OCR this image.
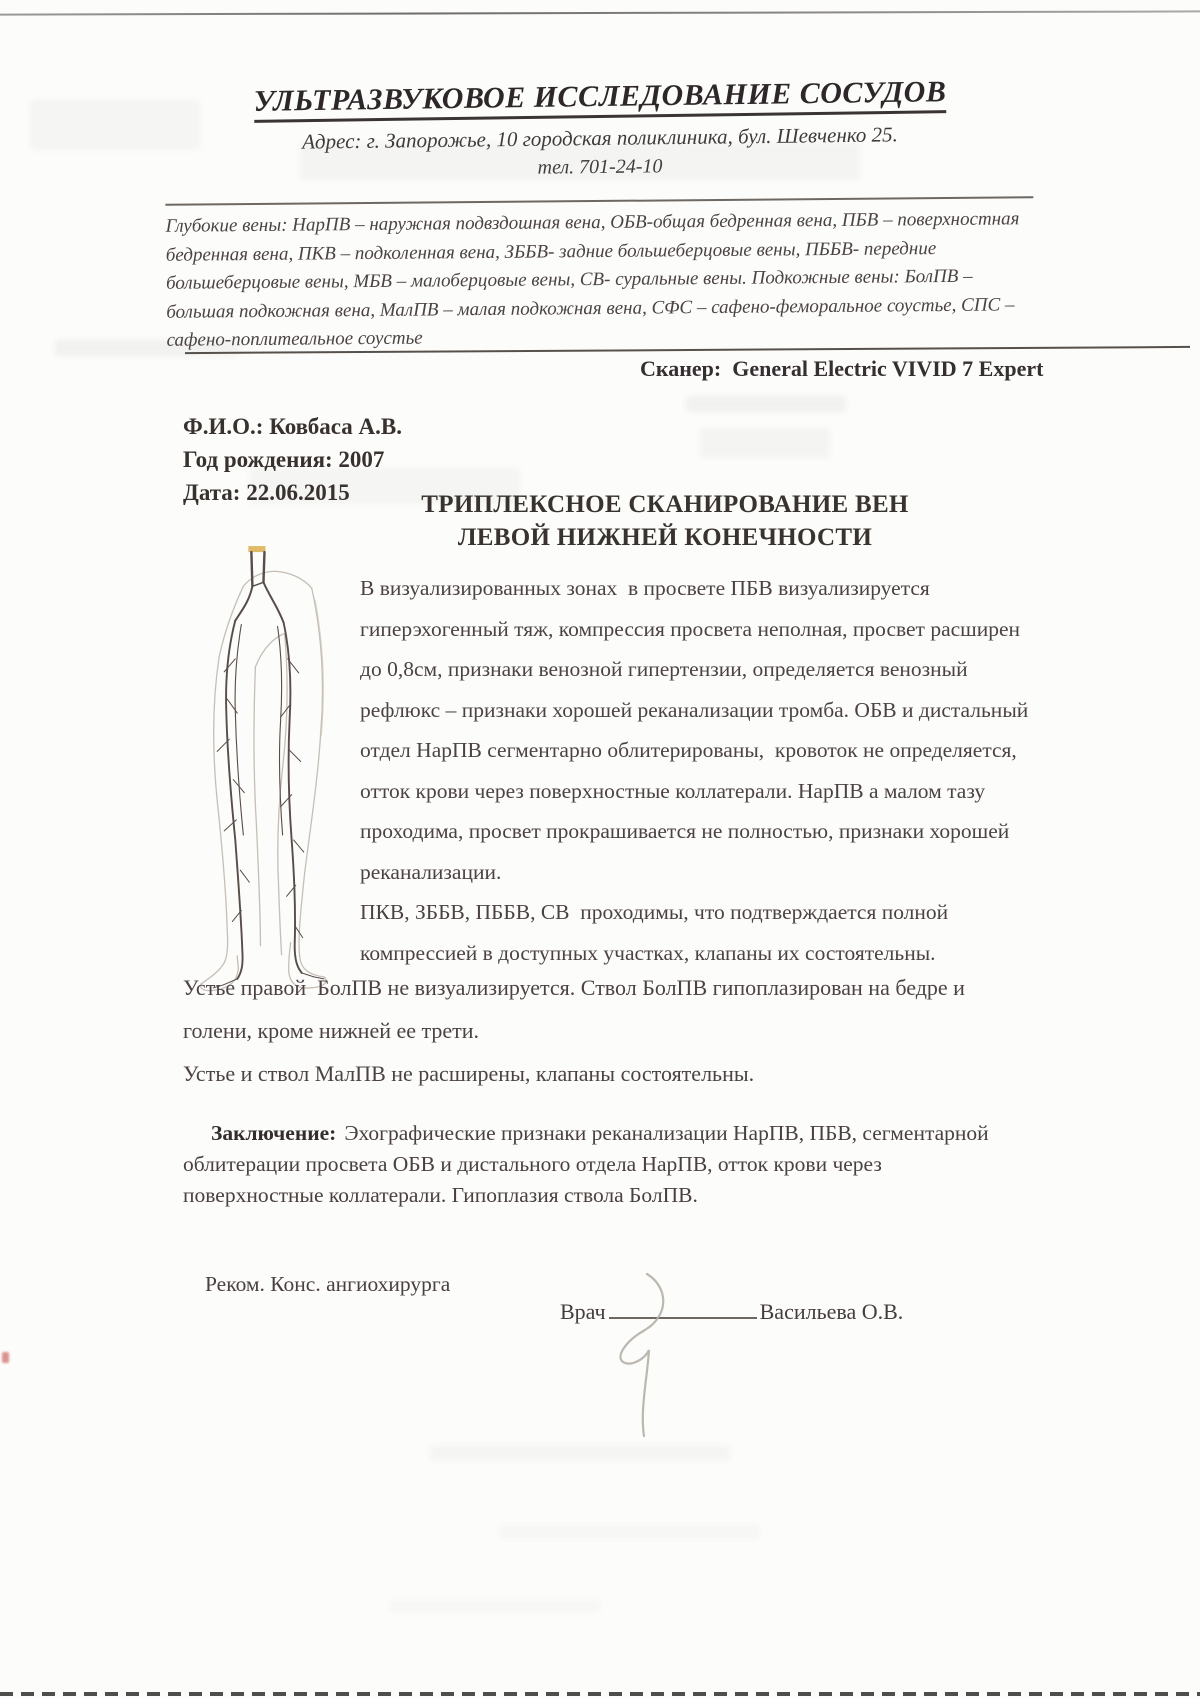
УЛЬТРАЗВУКОВОЕ ИССЛЕДОВАНИЕ СОСУДОВ
Адрес: г. Запорожье, 10 городская поликлиника, бул. Шевченко 25.
тел. 701-24-10
Глубокие вены: НарПВ – наружная подвздошная вена, ОБВ-общая бедренная вена, ПБВ – поверхностная бедренная вена, ПКВ – подколенная вена, ЗББВ- задние большеберцовые вены, ПББВ- передние большеберцовые вены, МБВ – малоберцовые вены, СВ- суральные вены. Подкожные вены: БолПВ – большая подкожная вена, МалПВ – малая подкожная вена, СФС – сафено-феморальное соустье, СПС – сафено-поплитеальное соустье
Сканер: General Electric VIVID 7 Expert
Ф.И.О.: Ковбаса А.В.
Год рождения: 2007
Дата: 22.06.2015	ТРИПЛЕКСНОЕ СКАНИРОВАНИЕ ВЕН
ЛЕВОЙ НИЖНЕЙ КОНЕЧНОСТИ
В визуализированных зонах  в просвете ПБВ визуализируется
гиперэхогенный тяж, компрессия просвета неполная, просвет расширен
до 0,8см, признаки венозной гипертензии, определяется венозный
рефлюкс – признаки хорошей реканализации тромба. ОБВ и дистальный
отдел НарПВ сегментарно облитерированы,  кровоток не определяется,
отток крови через поверхностные коллатерали. НарПВ а малом тазу
проходима, просвет прокрашивается не полностью, признаки хорошей
реканализации.
ПКВ, ЗББВ, ПББВ, СВ  проходимы, что подтверждается полной
компрессией в доступных участках, клапаны их состоятельны.
Устье правой  БолПВ не визуализируется. Ствол БолПВ гипоплазирован на бедре и
голени, кроме нижней ее трети.
Устье и ствол МалПВ не расширены, клапаны состоятельны.
Заключение: Эхографические признаки реканализации НарПВ, ПБВ, сегментарной
облитерации просвета ОБВ и дистального отдела НарПВ, отток крови через
поверхностные коллатерали. Гипоплазия ствола БолПВ.
Реком. Конс. ангиохирурга
Врач	Васильева О.В.
